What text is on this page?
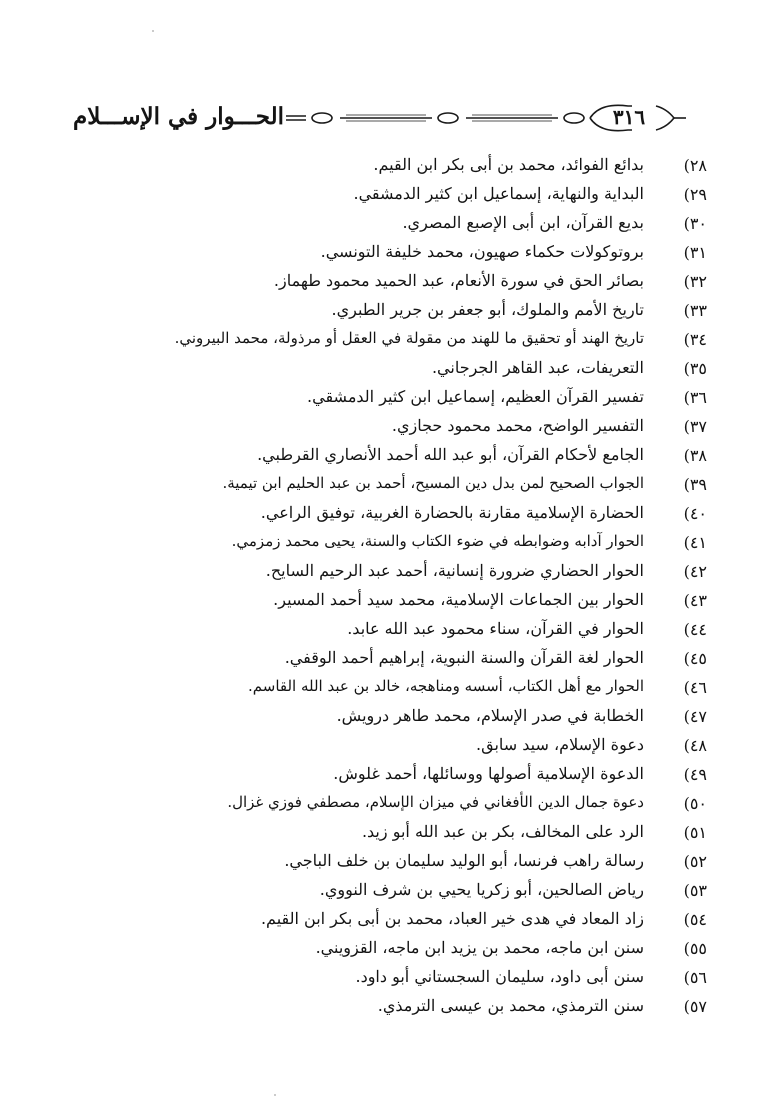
الحـــوار في الإســـلام	٣١٦
٢٨)
بدائع الفوائد، محمد بن أبى بكر ابن القيم.
٢٩)
البداية والنهاية، إسماعيل ابن كثير الدمشقي.
٣٠)
بديع القرآن، ابن أبى الإصبع المصري.
٣١)
بروتوكولات حكماء صهيون، محمد خليفة التونسي.
٣٢)
بصائر الحق في سورة الأنعام، عبد الحميد محمود طهماز.
٣٣)
تاريخ الأمم والملوك، أبو جعفر بن جرير الطبري.
٣٤)
تاريخ الهند أو تحقيق ما للهند من مقولة في العقل أو مرذولة، محمد البيروني.
٣٥)
التعريفات، عبد القاهر الجرجاني.
٣٦)
تفسير القرآن العظيم، إسماعيل ابن كثير الدمشقي.
٣٧)
التفسير الواضح، محمد محمود حجازي.
٣٨)
الجامع لأحكام القرآن، أبو عبد الله أحمد الأنصاري القرطبي.
٣٩)
الجواب الصحيح لمن بدل دين المسيح، أحمد بن عبد الحليم ابن تيمية.
٤٠)
الحضارة الإسلامية مقارنة بالحضارة الغربية، توفيق الراعي.
٤١)
الحوار آدابه وضوابطه في ضوء الكتاب والسنة، يحيى محمد زمزمي.
٤٢)
الحوار الحضاري ضرورة إنسانية، أحمد عبد الرحيم السايح.
٤٣)
الحوار بين الجماعات الإسلامية، محمد سيد أحمد المسير.
٤٤)
الحوار في القرآن، سناء محمود عبد الله عابد.
٤٥)
الحوار لغة القرآن والسنة النبوية، إبراهيم أحمد الوقفي.
٤٦)
الحوار مع أهل الكتاب، أسسه ومناهجه، خالد بن عبد الله القاسم.
٤٧)
الخطابة في صدر الإسلام، محمد طاهر درويش.
٤٨)
دعوة الإسلام، سيد سابق.
٤٩)
الدعوة الإسلامية أصولها ووسائلها، أحمد غلوش.
٥٠)
دعوة جمال الدين الأفغاني في ميزان الإسلام، مصطفي فوزي غزال.
٥١)
الرد على المخالف، بكر بن عبد الله أبو زيد.
٥٢)
رسالة راهب فرنسا، أبو الوليد سليمان بن خلف الباجي.
٥٣)
رياض الصالحين، أبو زكريا يحيي بن شرف النووي.
٥٤)
زاد المعاد في هدى خير العباد، محمد بن أبى بكر ابن القيم.
٥٥)
سنن ابن ماجه، محمد بن يزيد ابن ماجه، القزويني.
٥٦)
سنن أبى داود، سليمان السجستاني أبو داود.
٥٧)
سنن الترمذي، محمد بن عيسى الترمذي.
